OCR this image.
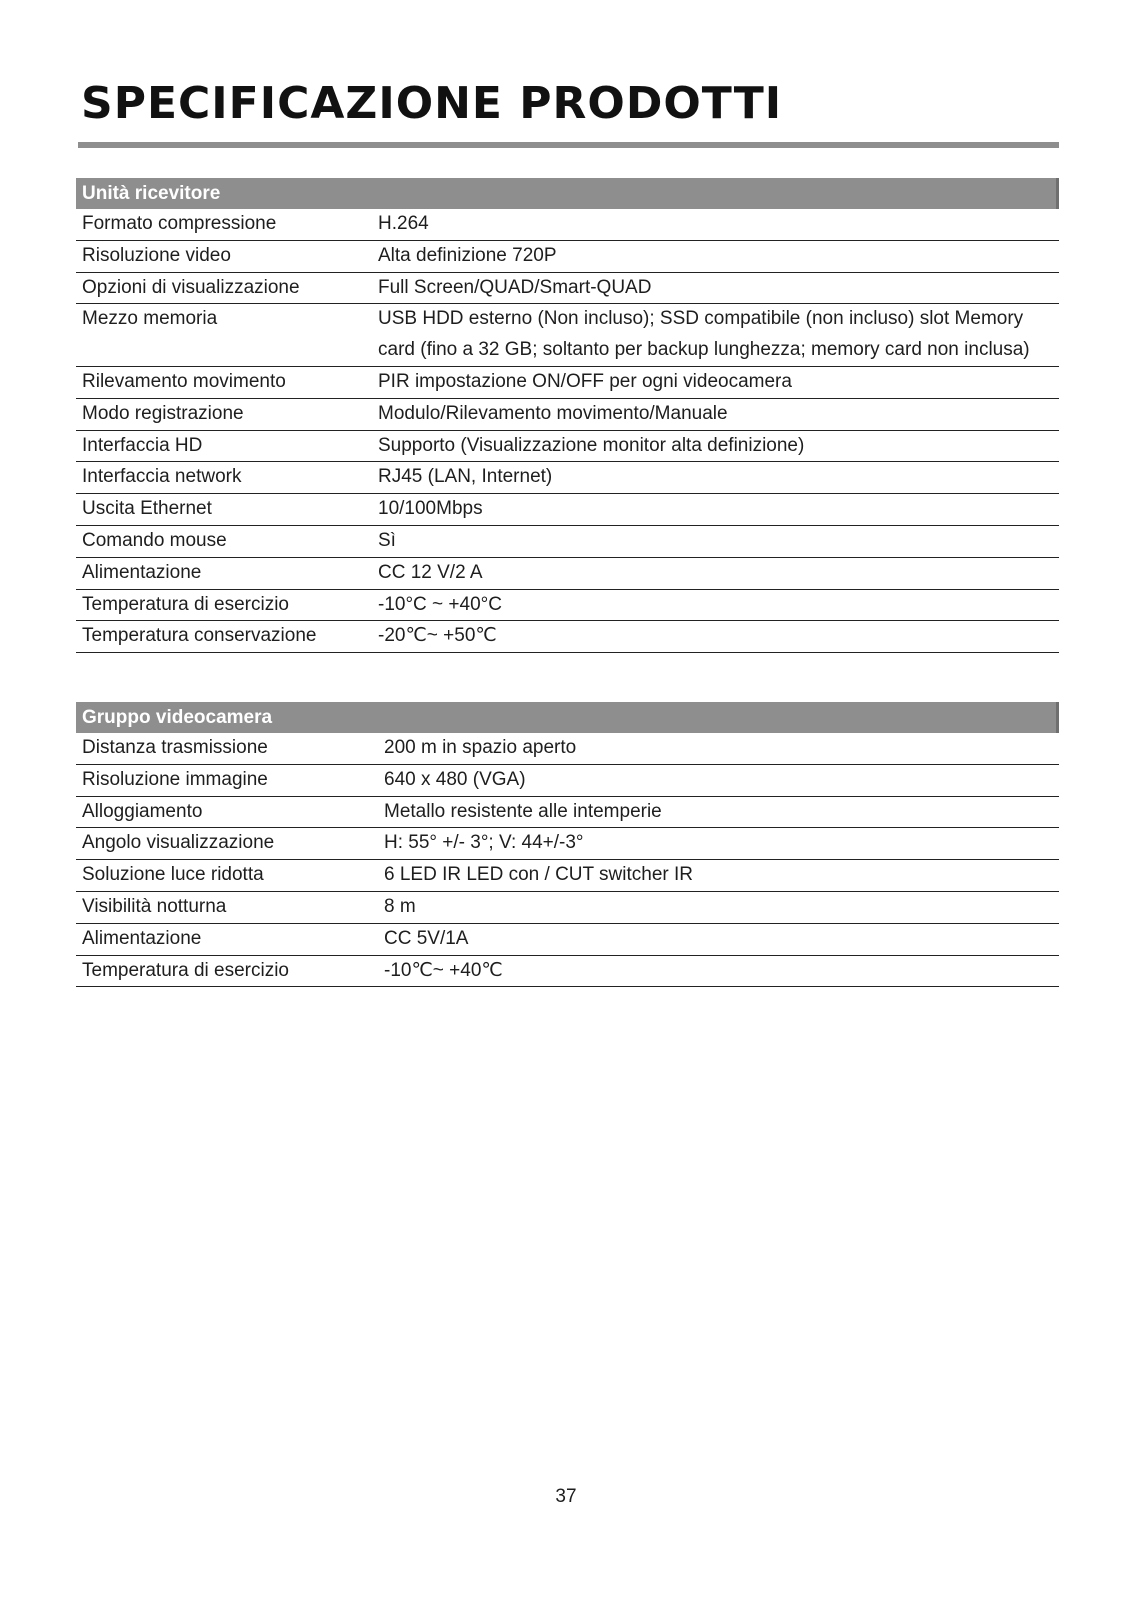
SPECIFICAZIONE PRODOTTI
Unità ricevitore
Formato compressione	H.264
Risoluzione video	Alta definizione 720P
Opzioni di visualizzazione	Full Screen/QUAD/Smart-QUAD
Mezzo memoria	USB HDD esterno (Non incluso); SSD compatibile (non incluso) slot Memory card (fino a 32 GB; soltanto per backup lunghezza; memory card non inclusa)
Rilevamento movimento	PIR impostazione ON/OFF per ogni videocamera
Modo registrazione	Modulo/Rilevamento movimento/Manuale
Interfaccia HD	Supporto (Visualizzazione monitor alta definizione)
Interfaccia network	RJ45 (LAN, Internet)
Uscita Ethernet	10/100Mbps
Comando mouse	Sì
Alimentazione	CC 12 V/2 A
Temperatura di esercizio	-10°C ~ +40°C
Temperatura conservazione	-20℃~ +50℃
Gruppo videocamera
Distanza trasmissione	200 m in spazio aperto
Risoluzione immagine	640 x 480 (VGA)
Alloggiamento	Metallo resistente alle intemperie
Angolo visualizzazione	H: 55° +/- 3°; V: 44+/-3°
Soluzione luce ridotta	6 LED IR LED con / CUT switcher IR
Visibilità notturna	8 m
Alimentazione	CC 5V/1A
Temperatura di esercizio	-10℃~ +40℃
37
